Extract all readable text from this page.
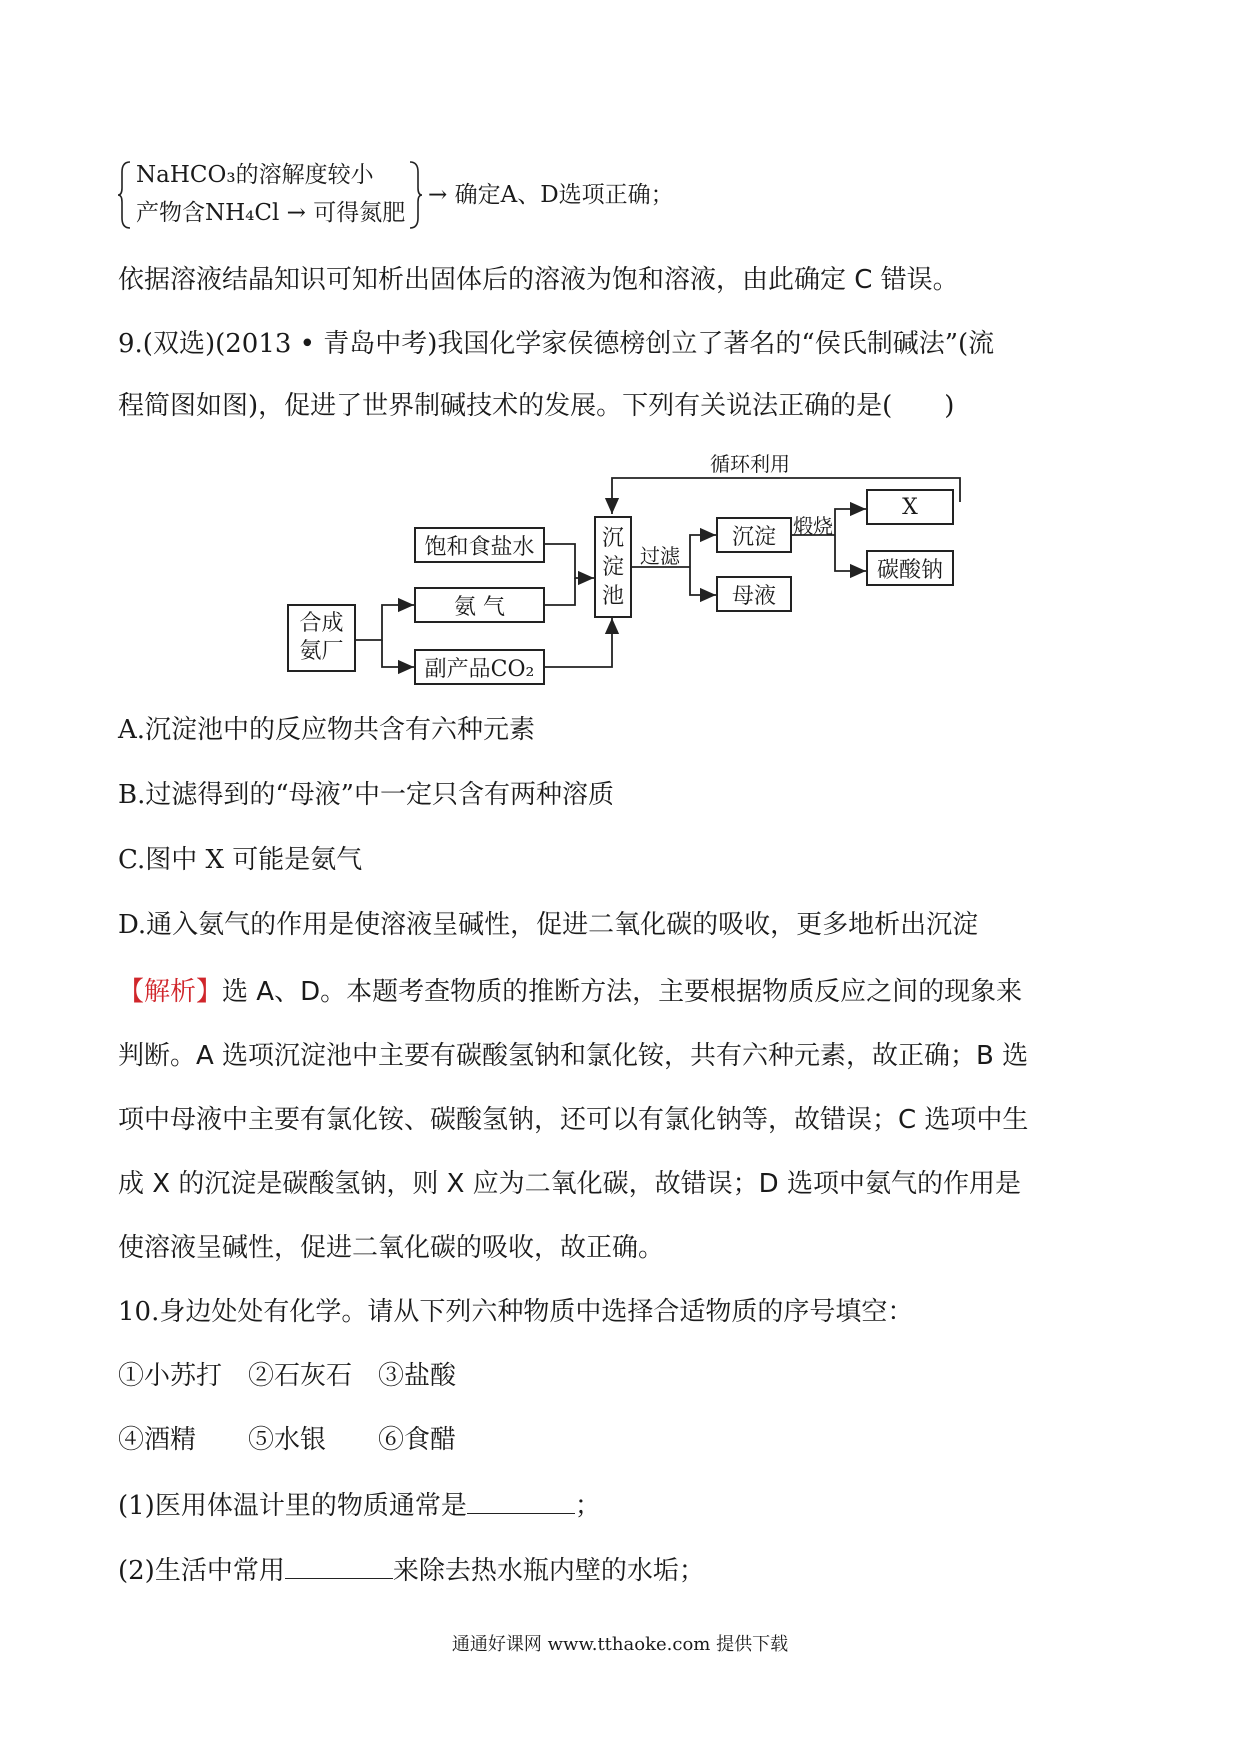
NaHCO₃的溶解度较小
产物含NH₄Cl → 可得氮肥
→ 确定A、D选项正确；
依据溶液结晶知识可知析出固体后的溶液为饱和溶液，由此确定 C 错误。
9.(双选)(2013 • 青岛中考)我国化学家侯德榜创立了著名的“侯氏制碱法”(流
程简图如图)，促进了世界制碱技术的发展。下列有关说法正确的是(　　)
循环利用
饱和食盐水
氨 气
副产品CO₂
合成
氨厂
沉
淀
池
过滤
沉淀 煅烧
X
碳酸钠
母液
A.沉淀池中的反应物共含有六种元素
B.过滤得到的“母液”中一定只含有两种溶质
C.图中 X 可能是氨气
D.通入氨气的作用是使溶液呈碱性，促进二氧化碳的吸收，更多地析出沉淀
【解析】选 A、D。本题考查物质的推断方法，主要根据物质反应之间的现象来
判断。A 选项沉淀池中主要有碳酸氢钠和氯化铵，共有六种元素，故正确；B 选
项中母液中主要有氯化铵、碳酸氢钠，还可以有氯化钠等，故错误；C 选项中生
成 X 的沉淀是碳酸氢钠，则 X 应为二氧化碳，故错误；D 选项中氨气的作用是
使溶液呈碱性，促进二氧化碳的吸收，故正确。
10.身边处处有化学。请从下列六种物质中选择合适物质的序号填空：
①小苏打　②石灰石　③盐酸
④酒精　　⑤水银　　⑥食醋
(1)医用体温计里的物质通常是	；
(2)生活中常用	来除去热水瓶内壁的水垢；
通通好课网 www.tthaoke.com 提供下载
